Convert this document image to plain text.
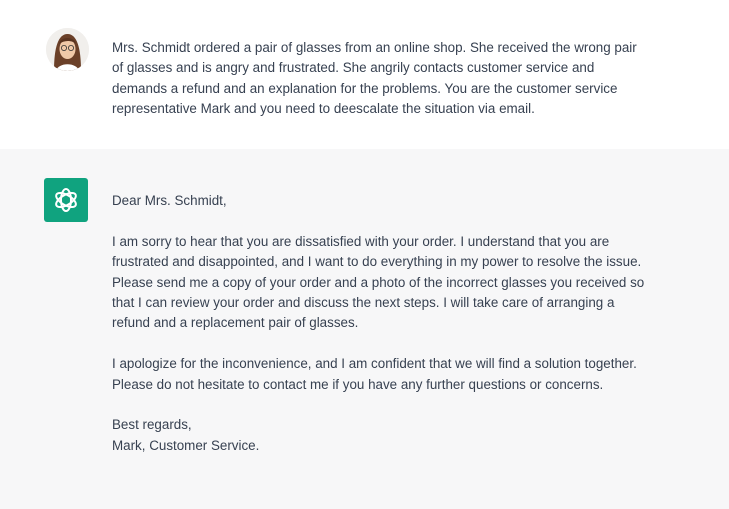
Mrs. Schmidt ordered a pair of glasses from an online shop. She received the wrong pair
of glasses and is angry and frustrated. She angrily contacts customer service and
demands a refund and an explanation for the problems. You are the customer service
representative Mark and you need to deescalate the situation via email.
Dear Mrs. Schmidt,
I am sorry to hear that you are dissatisfied with your order. I understand that you are
frustrated and disappointed, and I want to do everything in my power to resolve the issue.
Please send me a copy of your order and a photo of the incorrect glasses you received so
that I can review your order and discuss the next steps. I will take care of arranging a
refund and a replacement pair of glasses.
I apologize for the inconvenience, and I am confident that we will find a solution together.
Please do not hesitate to contact me if you have any further questions or concerns.
Best regards,
Mark, Customer Service.
